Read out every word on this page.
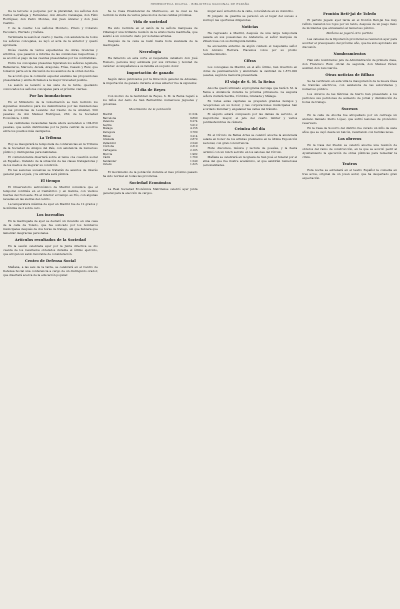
HEMEROTECA DIGITAL · BIBLIOTECA NACIONAL DE ESPAÑA

De la tercera: A perpetuo por la pluralidad, los señores don Carlos Larrañaga y Fernández, don Alberto Canalejas, don Félix Rodríguez, don Pedro Montes, don Juan Álvarez y don José Castillo.

Y de la cuarta: Los señores Montero, Prieto y Cotarelo Escudero, Hurtado y Cañete.

Terminada la sesión al cuarto y media, con asistencia de todos los señores concejales, se leyó el acta de la anterior y quedó aprobada.

Dióse cuenta de varios expedientes de obras, licencias y arbitrios, que pasaron a informe de las comisiones respectivas, y se acordó el pago de las cuentas presentadas por los contratistas.

Entre los concejales presentes figuraban los señores Aguilera, Ballesteros, Marcelo, Alcalá, Aragonés, Frías, Casado y Ruiz, que tomaron parte en la discusión de los asuntos de la orden del día.

Se acordó que la comisión especial examine las proposiciones presentadas y emita dictamen a la mayor brevedad posible.

La sesión se levantó a las siete de la tarde, quedando convocados los señores concejales para el próximo viernes.

Por las inundaciones

En el Ministerio de la Gobernación se han recibido los siguientes donativos para los damnificados por las inundaciones de las provincias de Levante: del Casino de la Amistad, 500 pesetas; de don Manuel Rodríguez, 250; de la Sociedad Económica, 1.000.

Las cantidades recaudadas hasta ahora ascienden a 184.650 pesetas, que serán distribuidas por la Junta central de socorros entre los pueblos más castigados.

La Tribuna

Hoy se inaugurará la temporada de conferencias en la Tribuna de la Sociedad de Amigos del País, con asistencia de numeroso público y distinguidas personalidades.

El conferenciante disertará sobre el tema «La cuestión social en España», tratando de la situación de las clases trabajadoras y de los medios de mejorar su condición.

En las sesiones sucesivas se tratarán de asuntos de interés general para el país, y la entrada será pública.

El tiempo

El Observatorio astronómico de Madrid comunica que el temporal continúa en el Cantábrico y en Galicia, con vientos fuertes del Noroeste. En el interior el tiempo es frío, con algunas nevadas en las sierras del centro.

La temperatura máxima de ayer en Madrid fue de 12 grados y la mínima de 2 sobre cero.

Los incendios

En la madrugada de ayer se declaró un incendio en una casa de la calle de Toledo, que fue sofocado por los bomberos municipales después de dos horas de trabajo, sin que hubiera que lamentar desgracias personales.

Artículos resultados de la Sociedad

En la sesión celebrada ayer por la Junta directiva se dio cuenta de los resultados obtenidos durante el último ejercicio, que arrojan un saldo favorable de consideración.

Centro de Defensa Social

Mañana, a las seis de la tarde, se celebrará en el Centro de Defensa Social una conferencia a cargo de un distinguido orador, que disertará acerca de la educación popular.

Se le Casa Presidencial de Marruecos, en la cual se ha recibido la visita de varios jefes moros de las cabilas próximas.

Vida de sociedad

Ha sido recibida en el salón de la señora marquesa de Villamejor una brillante reunión de la aristocracia madrileña, que asistió a un concierto dado por notables artistas.

Después de la cena se bailó hasta hora avanzada de la madrugada.

Necrología

Ha fallecido en esta corte el respetable caballero don José Romero, persona muy estimada por sus virtudes y bondad de carácter. Acompañamos a su familia en su justo dolor.

Importación de ganado

Según datos publicados por la Dirección general de Aduanas, la importación de ganado durante el mes anterior fue la siguiente:

El día de Reyes

Con motivo de la festividad de Reyes, S. M. la Reina regaló a los niños del Asilo de San Bernardino numerosos juguetes y golosinas.

Movimiento de la población
Madrid	11.524
Barcelona	9.890
Valencia	6.274
Sevilla	5.012
Málaga	4.156
Zaragoza	3.780
Bilbao	3.214
Granada	2.870
Valladolid	2.540
Córdoba	2.310
Cartagena	2.105
Murcia	1.982
Cádiz	1.760
Santander	1.540
Oviedo	1.325

El movimiento de la población durante el mes próximo pasado ha sido normal en todas las provincias.

Sociedad Económica

La Real Sociedad Económica Matritense celebró ayer junta general para la elección de cargos.

mujer sacó al herido de la calle, colocándole en su domicilio.

El juzgado de guardia se personó en el lugar del suceso e instruyó las oportunas diligencias.

Noticias

Ha regresado a Madrid, después de una larga temporada pasada en sus posesiones de Andalucía, el señor marqués de Villaviciosa con su distinguida familia.

Se encuentra enfermo de algún cuidado el respetable señor don Antonio Herrera. Hacemos votos por su pronto restablecimiento.

Cifras

Los concejales de Madrid, en el año último, han invertido en obras de pavimentación y alumbrado la cantidad de 1.875.000 pesetas, según la memoria presentada.

El viaje de S. M. la Reina

Anoche quedó ultimado el programa del viaje que hará S. M. la Reina a Andalucía durante la próxima primavera. La augusta señora visitará Sevilla, Córdoba, Granada y Málaga.

En todas estas capitales se preparan grandes festejos y recepciones en su honor, y las corporaciones municipales han acordado iluminar y engalanar las calles del tránsito.

El séquito estará compuesto por las damas de servicio, el mayordomo mayor, el jefe del cuarto militar y varios gentileshombres de cámara.

Crónica del día

En el Círculo de Bellas Artes se celebró anoche la anunciada velada en honor de los artistas premiados en la última Exposición nacional, con gran concurrencia.

Hubo discursos, música y lectura de poesías, y la fiesta terminó con un lunch servido en los salones del Círculo.

Mañana se celebrará en la iglesia de San José el funeral por el alma del que fue ilustre académico, al que asistirán numerosas personalidades.

Frontón Beti-Jai de Toledo

El partido jugado ayer tarde en el frontón Beti-Jai fue muy reñido. Ganaron los rojos por un tanto, después de un juego lleno de incidentes que entusiasmó al numeroso público.

Mañana se jugará otro partido

Las cabezas de la Diputación provincial se reunieron ayer para acordar el presupuesto del próximo año, que ha sido aprobado sin discusión.

Nombramientos

Han sido nombrados: jefe de Administración de primera clase, don Francisco Ruiz; oficial de segunda, don Manuel Pérez; auxiliar, don Luis García.

Otras noticias de Bilbao

Se ha verificado en esta villa la inauguración de la nueva línea de tranvías eléctricos, con asistencia de las autoridades y numeroso público.

Los obreros de las fábricas de hierro han presentado a los patronos sus peticiones de aumento de jornal y disminución de horas de trabajo.

Sucesos

En la calle de Atocha fue atropellado por un carruaje un anciano llamado Pedro López, que sufrió lesiones de pronóstico reservado.

En la Casa de Socorro del distrito fue curado un niño de siete años que se cayó desde un balcón, resultando con heridas leves.

Los obreros

En la Casa del Pueblo se celebró anoche una reunión de obreros del ramo de construcción, en la que se acordó pedir al Ayuntamiento la ejecución de obras públicas para remediar la crisis.

Teatros

Esta noche se estrenará en el teatro Español la comedia en tres actos, original de un joven autor, que ha despertado gran expectación.
